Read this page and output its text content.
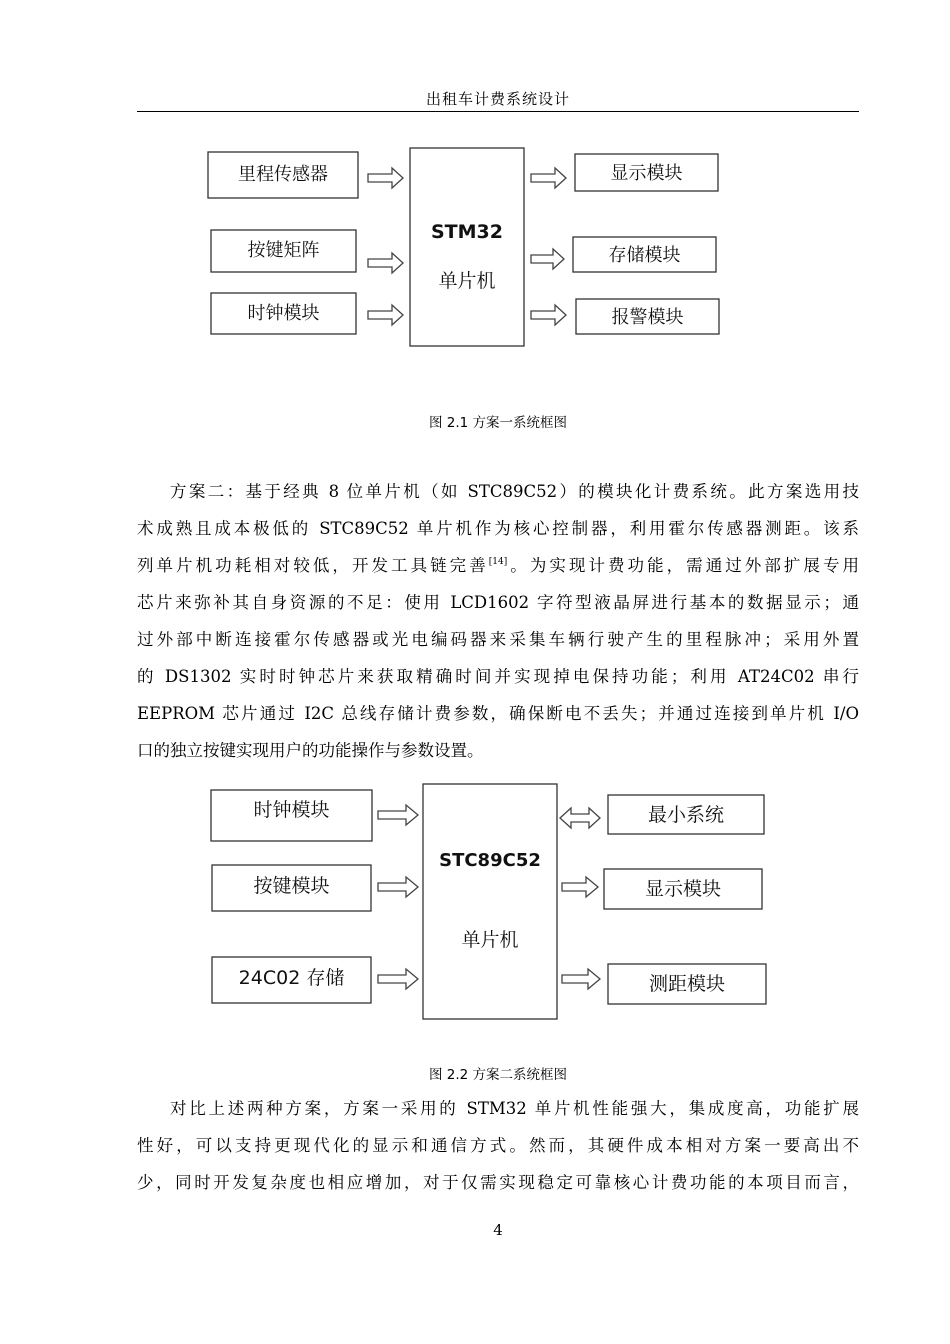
出租车计费系统设计
里程传感器
按键矩阵
时钟模块
STM32
单片机
显示模块
存储模块
报警模块
图 2.1 方案一系统框图
方案二：基于经典 8 位单片机（如 STC89C52）的模块化计费系统。此方案选用技
术成熟且成本极低的 STC89C52 单片机作为核心控制器，利用霍尔传感器测距。该系
列单片机功耗相对较低，开发工具链完善[14]。为实现计费功能，需通过外部扩展专用
芯片来弥补其自身资源的不足：使用 LCD1602 字符型液晶屏进行基本的数据显示；通
过外部中断连接霍尔传感器或光电编码器来采集车辆行驶产生的里程脉冲；采用外置
的 DS1302 实时时钟芯片来获取精确时间并实现掉电保持功能；利用 AT24C02 串行
EEPROM 芯片通过 I2C 总线存储计费参数，确保断电不丢失；并通过连接到单片机 I/O
口的独立按键实现用户的功能操作与参数设置。
时钟模块
按键模块
24C02 存储
STC89C52
单片机
最小系统
显示模块
测距模块
图 2.2 方案二系统框图
对比上述两种方案，方案一采用的 STM32 单片机性能强大，集成度高，功能扩展
性好，可以支持更现代化的显示和通信方式。然而，其硬件成本相对方案一要高出不
少，同时开发复杂度也相应增加，对于仅需实现稳定可靠核心计费功能的本项目而言，
4
